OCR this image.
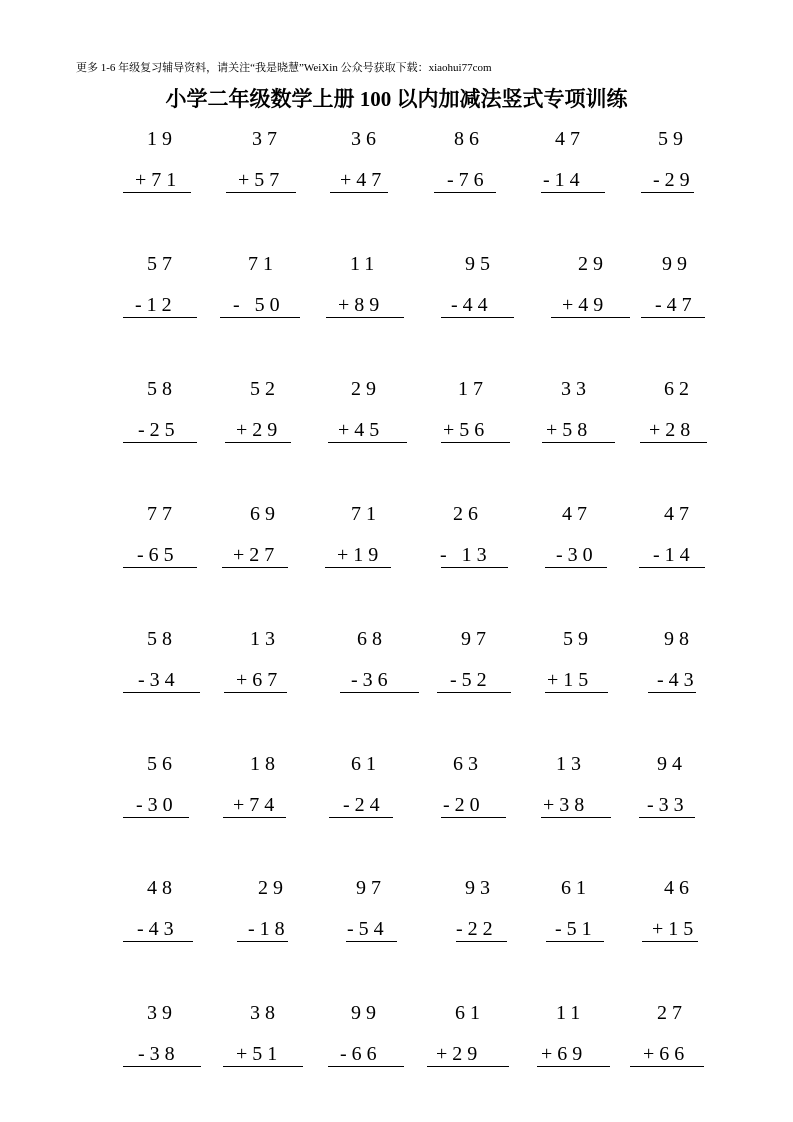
更多 1-6 年级复习辅导资料，请关注“我是晓慧”WeiXin 公众号获取下载：xiaohui77com
小学二年级数学上册 100 以内加减法竖式专项训练
19
+71
37
+57
36
+47
86
-76
47
-14
59
-29
57
-12
71
- 50
11
+89
95
-44
29
+49
99
-47
58
-25
52
+29
29
+45
17
+56
33
+58
62
+28
77
-65
69
+27
71
+19
26
- 13
47
-30
47
-14
58
-34
13
+67
68
-36
97
-52
59
+15
98
-43
56
-30
18
+74
61
-24
63
-20
13
+38
94
-33
48
-43
29
-18
97
-54
93
-22
61
-51
46
+15
39
-38
38
+51
99
-66
61
+29
11
+69
27
+66
